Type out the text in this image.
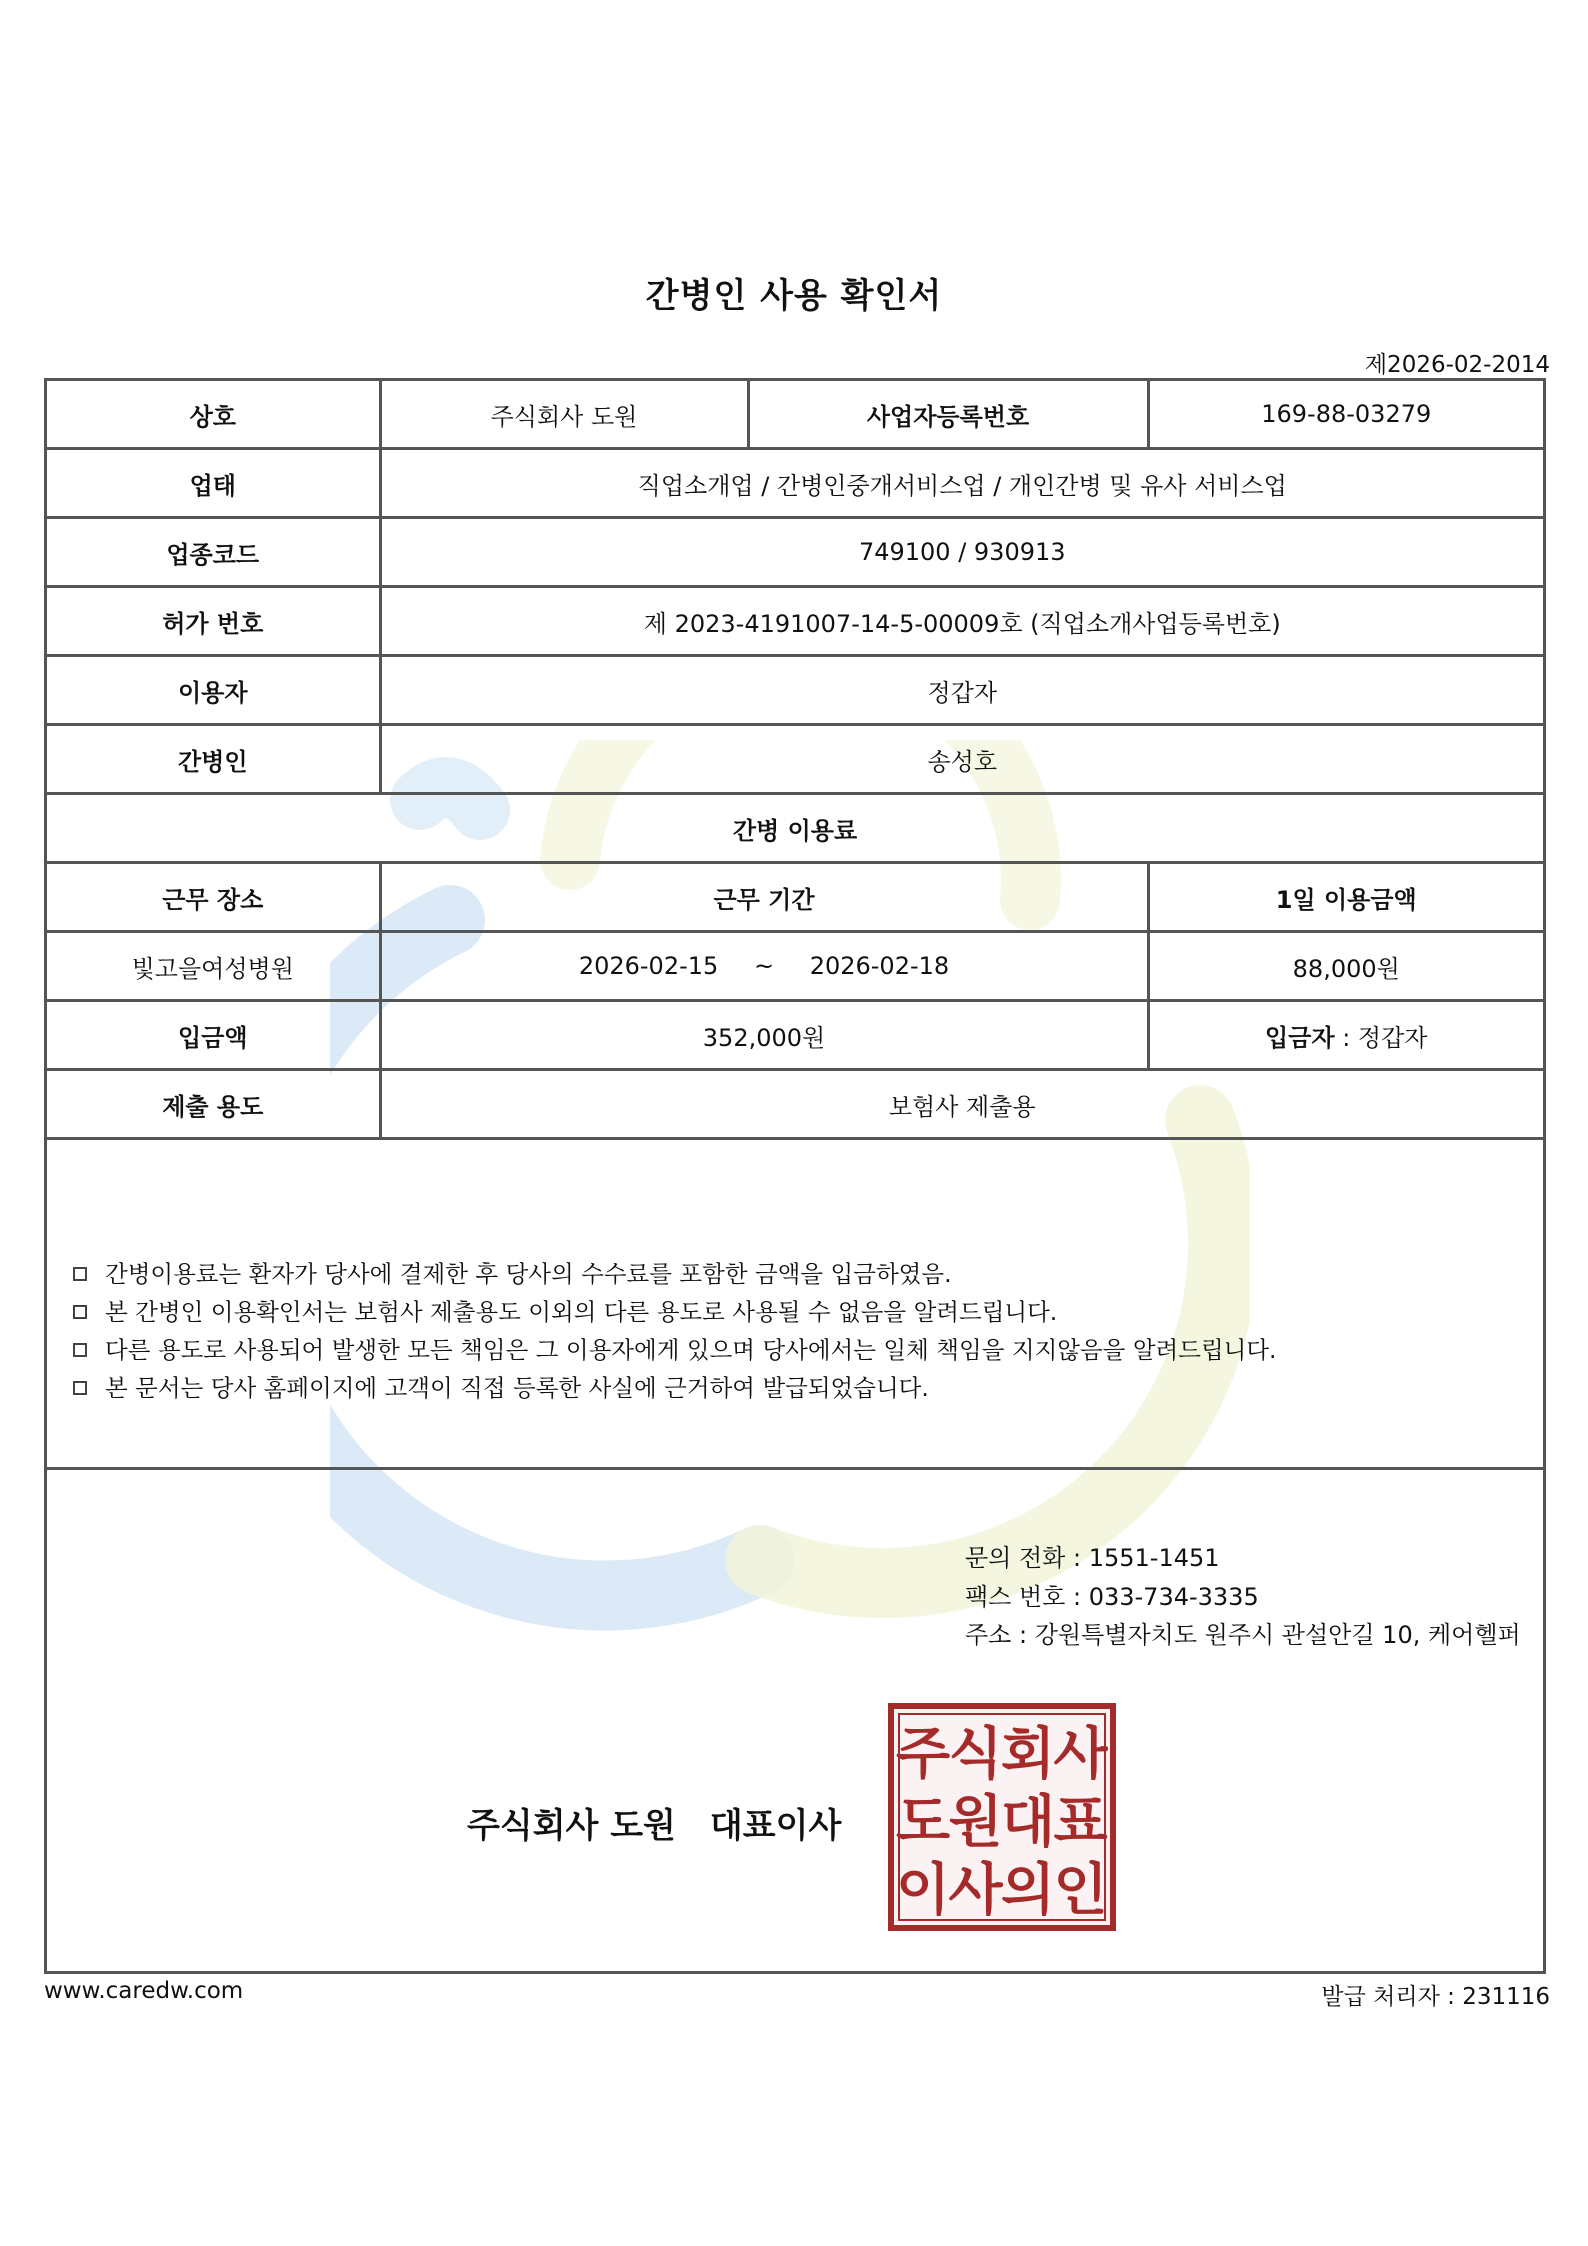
간병인 사용 확인서
제2026-02-2014
상호	주식회사 도원	사업자등록번호	169-88-03279
업태	직업소개업 / 간병인중개서비스업 / 개인간병 및 유사 서비스업		
업종코드	749100 / 930913		
허가 번호	제 2023-4191007-14-5-00009호 (직업소개사업등록번호)		
이용자	정갑자		
간병인	송성호		
간병 이용료			
근무 장소	근무 기간		1일 이용금액
빛고을여성병원	2026-02-15 ~ 2026-02-18		88,000원
입금액	352,000원		입금자 : 정갑자
제출 용도	보험사 제출용		
간병이용료는 환자가 당사에 결제한 후 당사의 수수료를 포함한 금액을 입금하였음.
본 간병인 이용확인서는 보험사 제출용도 이외의 다른 용도로 사용될 수 없음을 알려드립니다.
다른 용도로 사용되어 발생한 모든 책임은 그 이용자에게 있으며 당사에서는 일체 책임을 지지않음을 알려드립니다.
본 문서는 당사 홈페이지에 고객이 직접 등록한 사실에 근거하여 발급되었습니다.
문의 전화 : 1551-1451
팩스 번호 : 033-734-3335
주소 : 강원특별자치도 원주시 관설안길 10, 케어헬퍼
주식회사 도원 대표이사
주
식
회
사
도
원
대
표
이
사
의
인
www.caredw.com	발급 처리자 : 231116
